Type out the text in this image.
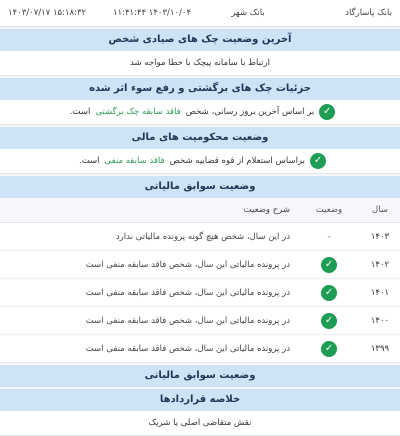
بانک پاسارگاد
بانک شهر
۱۴۰۳/۱۰/۰۴ ۱۱:۴۱:۴۴
۱۴۰۳/۰۷/۱۷ ۱۵:۱۸:۳۲
آخرین وضعیت چک های صیادی شخص
ارتباط با سامانه پیچک با خطا مواجه شد
جزئیات چک های برگشتی و رفع سوء اثر شده
✓
بر اساس آخرین بروز رسانی، شخص
فاقد سابقه چک برگشتی
است.
وضعیت محکومیت های مالی
✓
براساس استعلام از قوه قضاییه شخص
فاقد سابقه منفی
است.
وضعیت سوابق مالیاتی
سال	وضعیت	شرح وضعیت
۱۴۰۳	-	در این سال، شخص هیچ گونه پرونده مالیاتی ندارد
۱۴۰۲	✓	در پرونده مالیاتی این سال، شخص فاقد سابقه منفی است
۱۴۰۱	✓	در پرونده مالیاتی این سال، شخص فاقد سابقه منفی است
۱۴۰۰	✓	در پرونده مالیاتی این سال، شخص فاقد سابقه منفی است
۱۳۹۹	✓	در پرونده مالیاتی این سال، شخص فاقد سابقه منفی است
وضعیت سوابق مالیاتی
خلاصه قراردادها
نقش متقاضی اصلی یا شریک
